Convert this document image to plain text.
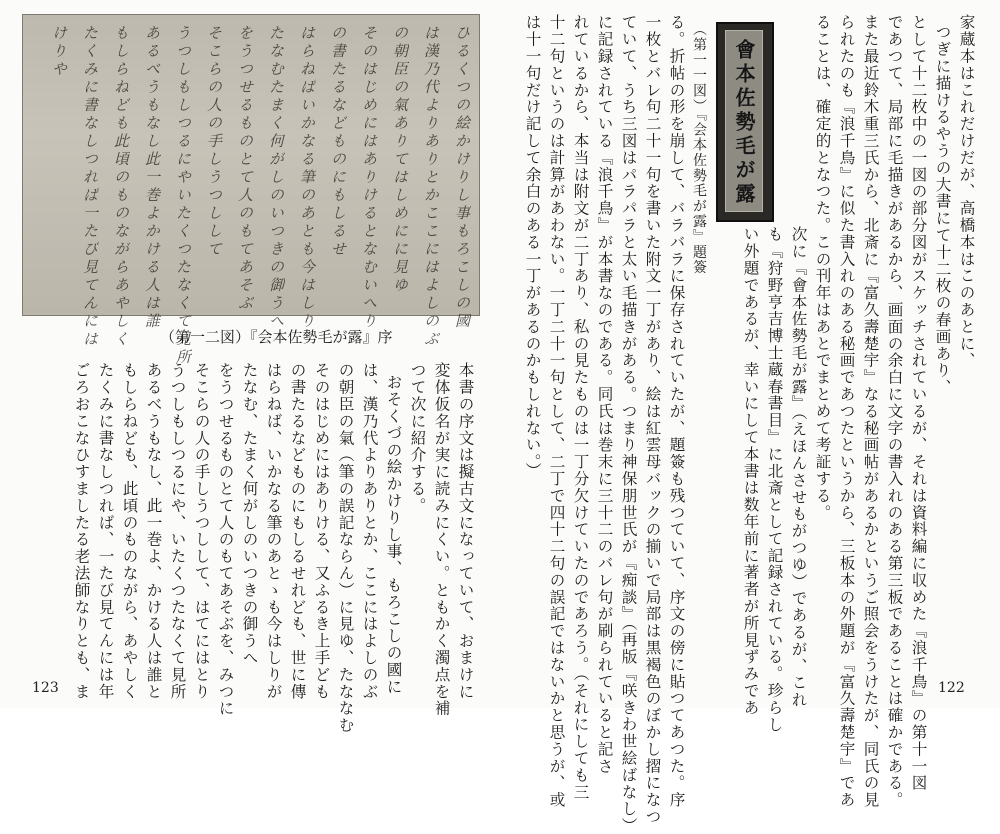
ひるくつの絵かけりし事もろこしの國
は漢乃代よりありとかここにはよしのぶ
の朝臣の氣ありてはしめにに見ゆ
そのはじめにはありけるとなむいへり
の書たるなどものにもしるせ
はらねばいかなる筆のあとも今はしり
たなむたまく何がしのいつきの御うへ
をうつせるものとて人のもてあそぶ
そこらの人の手しうつしして
うつしもしつるにやいたくつたなくて見所
あるべうもなし此一巻よかける人は誰
もしらねども此頃のものながらあやしく
たくみに書なしつれば一たび見てんには
けりや
（第一二図）『会本佐勢毛が露』序
本書の序文は擬古文になっていて、おまけに
変体仮名が実に読みにくい。ともかく濁点を補
つて次に紹介する。
おそくづの絵かけりし事、もろこしの國に
は、漢乃代よりありとか、ここにはよしのぶ
の朝臣の氣（筆の誤記ならん）に見ゆ、たななむ
そのはじめにはありける、又ふるき上手ども
の書たるなどものにもしるせれども、世に傳
はらねば、いかなる筆のあとゝも今はしりが
たなむ、たまく何がしのいつきの御うへ
をうつせるものとて人のもてあそぶを、みつに
そこらの人の手しうつしして、はてにはとり
うつしもしつるにや、いたくつたなくて見所
あるべうもなし、此一巻よ、かける人は誰と
もしらねども、此頃のものながら、あやしく
たくみに書なしつれば、一たび見てんには年
ごろおこなひすましたる老法師なりとも、ま
123
家蔵本はこれだけだが、高橋本はこのあとに、
つぎに描けるやうの大書にて十二枚の春画あり、
として十二枚中の一図の部分図がスケッチされているが、それは資料編に収めた『浪千鳥』の第十一図
であつて、局部に毛描きがあるから、画面の余白に文字の書入れのある第三板であることは確かである。
また最近鈴木重三氏から、北斎に『富久壽楚宇』なる秘画帖があるかというご照会をうけたが、同氏の見
られたのも『浪千鳥』に似た書入れのある秘画であつたというから、三板本の外題が『富久壽楚宇』であ
ることは、確定的となつた。この刊年はあとでまとめて考証する。
會本佐勢毛が露
（第一一図）『会本佐勢毛が露』題簽
次に『會本佐勢毛が露』（えほんさせもがつゆ）であるが、これ
も『狩野亨吉博士蔵春書目』に北斎として記録されている。珍らし
い外題であるが、幸いにして本書は数年前に著者が所見ずみであ
る。折帖の形を崩して、バラバラに保存されていたが、題簽も残つていて、序文の傍に貼つてあつた。序
一枚とバレ句二十一句を書いた附文一丁があり、絵は紅雲母バックの揃いで局部は黒褐色のぼかし摺になつ
ていて、うち三図はパラパラと太い毛描きがある。つまり神保朋世氏が『痴談』（再版『咲きわ世絵ばなし）
に記録されている『浪千鳥』が本書なのである。同氏は巻末に三十二のバレ句が刷られていると記さ
れているから、本当は附文が二丁あり、私の見たものは一丁分欠けていたのであろう。（それにしても三
十二句というのは計算があわない。一丁二十一句として、二丁で四十二句の誤記ではないかと思うが、或
は十一句だけ記して余白のある一丁があるのかもしれない。）
122
